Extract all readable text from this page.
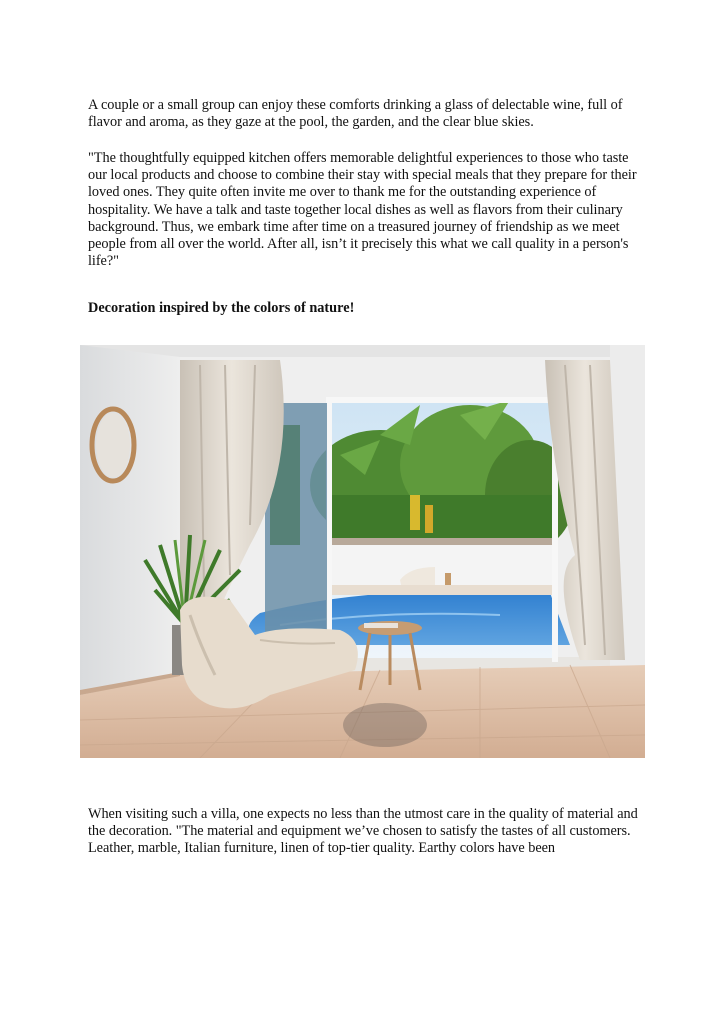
A couple or a small group can enjoy these comforts drinking a glass of delectable wine, full of flavor and aroma, as they gaze at the pool, the garden, and the clear blue skies.

"The thoughtfully equipped kitchen offers memorable delightful experiences to those who taste our local products and choose to combine their stay with special meals that they prepare for their loved ones. They quite often invite me over to thank me for the outstanding experience of hospitality. We have a talk and taste together local dishes as well as flavors from their culinary background. Thus, we embark time after time on a treasured journey of friendship as we meet people from all over the world. After all, isn’t it precisely this what we call quality in a person's life?"

Decoration inspired by the colors of nature!

When visiting such a villa, one expects no less than the utmost care in the quality of material and the decoration. "The material and equipment we’ve chosen to satisfy the tastes of all customers. Leather, marble, Italian furniture, linen of top-tier quality. Earthy colors have been
